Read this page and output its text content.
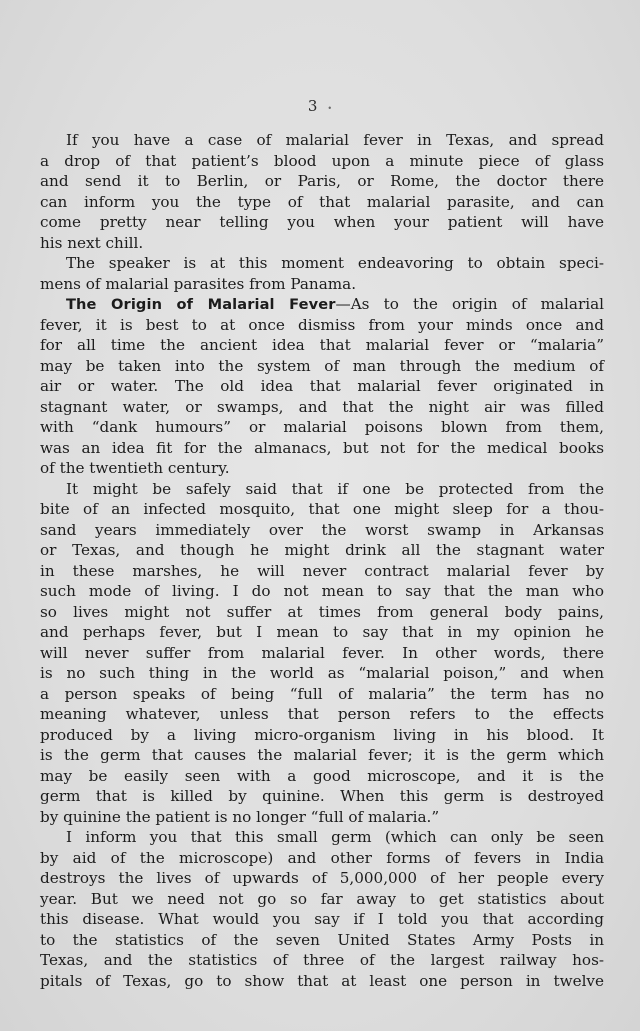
3 •
If you have a case of malarial fever in Texas, and spread
a drop of that patient’s blood upon a minute piece of glass
and send it to Berlin, or Paris, or Rome, the doctor there
can inform you the type of that malarial parasite, and can
come pretty near telling you when your patient will have
his next chill.
The speaker is at this moment endeavoring to obtain speci-
mens of malarial parasites from Panama.
The Origin of Malarial Fever—As to the origin of malarial
fever, it is best to at once dismiss from your minds once and
for all time the ancient idea that malarial fever or “malaria”
may be taken into the system of man through the medium of
air or water. The old idea that malarial fever originated in
stagnant water, or swamps, and that the night air was filled
with “dank humours” or malarial poisons blown from them,
was an idea fit for the almanacs, but not for the medical books
of the twentieth century.
It might be safely said that if one be protected from the
bite of an infected mosquito, that one might sleep for a thou-
sand years immediately over the worst swamp in Arkansas
or Texas, and though he might drink all the stagnant water
in these marshes, he will never contract malarial fever by
such mode of living. I do not mean to say that the man who
so lives might not suffer at times from general body pains,
and perhaps fever, but I mean to say that in my opinion he
will never suffer from malarial fever. In other words, there
is no such thing in the world as “malarial poison,” and when
a person speaks of being “full of malaria” the term has no
meaning whatever, unless that person refers to the effects
produced by a living micro-organism living in his blood. It
is the germ that causes the malarial fever; it is the germ which
may be easily seen with a good microscope, and it is the
germ that is killed by quinine. When this germ is destroyed
by quinine the patient is no longer “full of malaria.”
I inform you that this small germ (which can only be seen
by aid of the microscope) and other forms of fevers in India
destroys the lives of upwards of 5,000,000 of her people every
year. But we need not go so far away to get statistics about
this disease. What would you say if I told you that according
to the statistics of the seven United States Army Posts in
Texas, and the statistics of three of the largest railway hos-
pitals of Texas, go to show that at least one person in twelve
